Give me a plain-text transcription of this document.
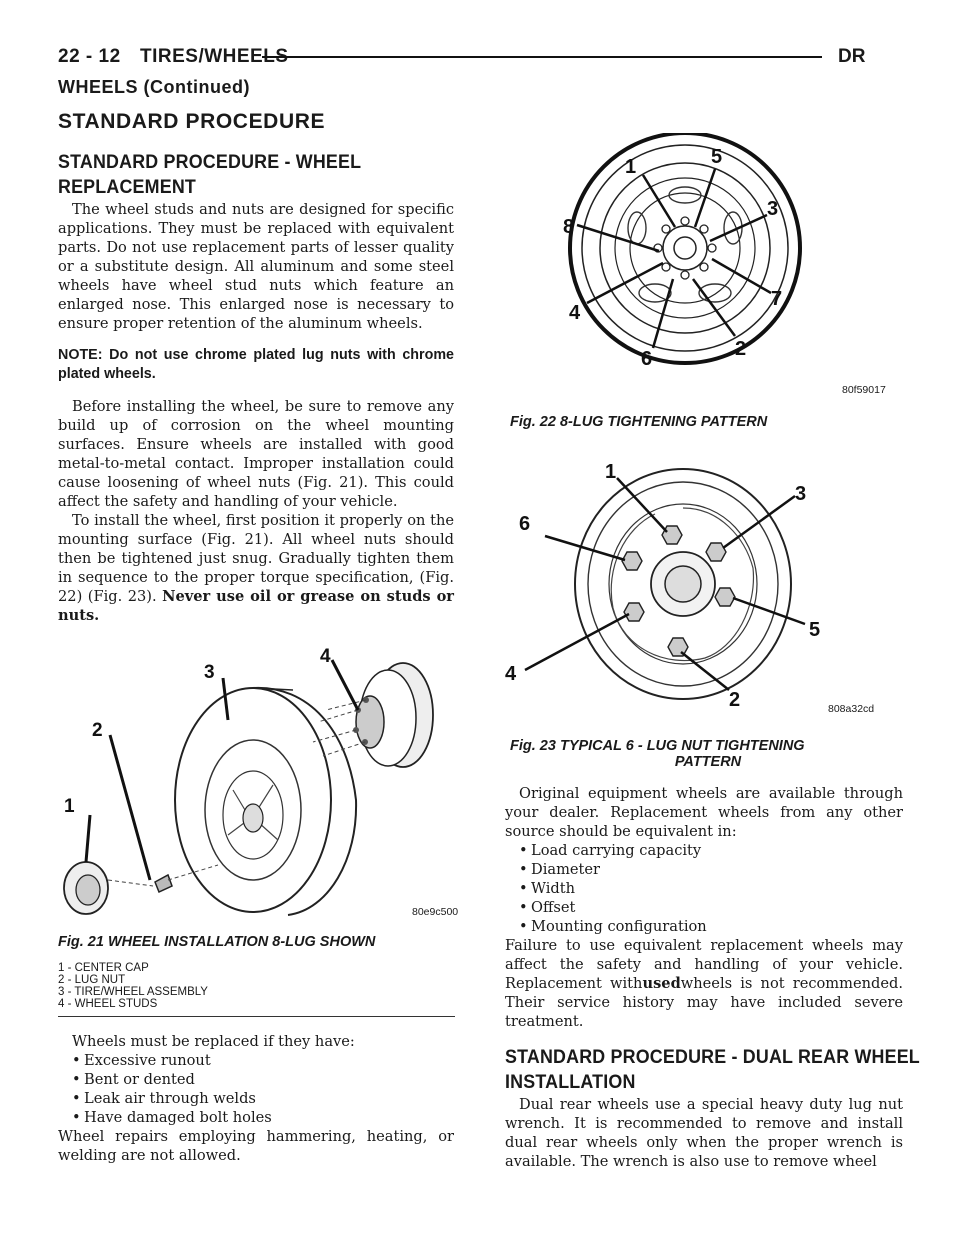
22 - 12 TIRES/WHEELS	DR
WHEELS (Continued)
STANDARD PROCEDURE
STANDARD PROCEDURE - WHEEL
REPLACEMENT

The wheel studs and nuts are designed for specific applications. They must be replaced with equivalent parts. Do not use replacement parts of lesser quality or a substitute design. All aluminum and some steel wheels have wheel stud nuts which feature an enlarged nose. This enlarged nose is necessary to ensure proper retention of the aluminum wheels.

NOTE: Do not use chrome plated lug nuts with chrome plated wheels.

Before installing the wheel, be sure to remove any build up of corrosion on the wheel mounting surfaces. Ensure wheels are installed with good metal-to-metal contact. Improper installation could cause loosening of wheel nuts (Fig. 21). This could affect the safety and handling of your vehicle.

To install the wheel, first position it properly on the mounting surface (Fig. 21). All wheel nuts should then be tightened just snug. Gradually tighten them in sequence to the proper torque specification, (Fig. 22) (Fig. 23). Never use oil or grease on studs or nuts.

1
2
3
4
80e9c500
Fig. 21 WHEEL INSTALLATION 8-LUG SHOWN
1 - CENTER CAP
2 - LUG NUT
3 - TIRE/WHEEL ASSEMBLY
4 - WHEEL STUDS

Wheels must be replaced if they have:

• Excessive runout
• Bent or dented
• Leak air through welds
• Have damaged bolt holes
Wheel repairs employing hammering, heating, or welding are not allowed.
1	5
3
8
7
4
2
6
80f59017
Fig. 22 8-LUG TIGHTENING PATTERN
1
3
6
5
4
2	808a32cd
Fig. 23 TYPICAL 6 - LUG NUT TIGHTENING
PATTERN

Original equipment wheels are available through your dealer. Replacement wheels from any other source should be equivalent in:

• Load carrying capacity
• Diameter
• Width
• Offset
• Mounting configuration
Failure to use equivalent replacement wheels may affect the safety and handling of your vehicle. Replacement withusedwheels is not recommended. Their service history may have included severe treatment.
STANDARD PROCEDURE - DUAL REAR WHEEL
INSTALLATION

Dual rear wheels use a special heavy duty lug nut wrench. It is recommended to remove and install dual rear wheels only when the proper wrench is available. The wrench is also use to remove wheel
